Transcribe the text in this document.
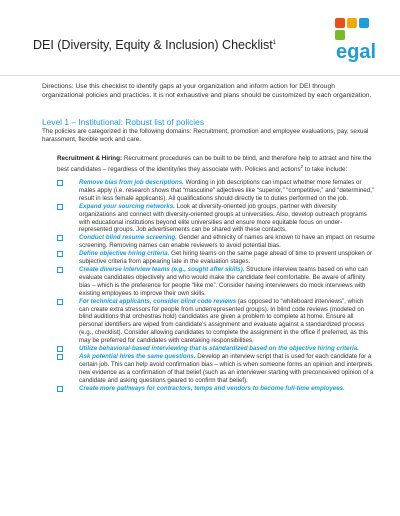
DEI (Diversity, Equity & Inclusion) Checklist$^1$	egal
Directions: Use this checklist to identify gaps at your organization and inform action for DEI through organizational policies and practices. It is not exhaustive and plans should be customized by each organization.
Level 1 – Institutional: Robust list of policies
The policies are categorized in the following domains: Recruitment, promotion and employee evaluations, pay, sexual harassment, flexible work and care.
Recruitment & Hiring: Recruitment procedures can be built to be blind, and therefore help to attract and hire the best candidates – regardless of the identity/ies they associate with. Policies and actions$^2$ to take include:
Remove bias from job descriptions. Wording in job descriptions can impact whether more females or males apply (i.e. research shows that “masculine” adjectives like “superior,” “competitive,” and “determined,” result in less female applicants). All qualifications should directly tie to duties performed on the job.
Expand your sourcing networks. Look at diversity-oriented job groups, partner with diversity organizations and connect with diversity-oriented groups at universities. Also, develop outreach programs with educational institutions beyond elite universities and ensure more equitable focus on under-represented groups. Job advertisements can be shared with these contacts.
Conduct blind resume screening. Gender and ethnicity of names are known to have an impact on resume screening. Removing names can enable reviewers to avoid potential bias.
Define objective hiring criteria. Get hiring teams on the same page ahead of time to prevent unspoken or subjective criteria from appearing late in the evaluation stages.
Create diverse interview teams (e.g., sought after skills). Structure interview teams based on who can evaluate candidates objectively and who would make the candidate feel comfortable. Be aware of affinity bias – which is the preference for people “like me”. Consider having interviewers do mock interviews with existing employees to improve their own skills.
For technical applicants, consider blind code reviews (as opposed to “whiteboard interviews”, which can create extra stressors for people from underrepresented groups). In blind code reviews (modeled on blind auditions that orchestras hold) candidates are given a problem to complete at home. Ensure all personal identifiers are wiped from candidate’s assignment and evaluate against a standardized process (e.g., checklist). Consider allowing candidates to complete the assignment in the office if preferred, as this may be preferred for candidates with caretaking responsibilities.
Utilize behavioral-based interviewing that is standardized based on the objective hiring criteria.
Ask potential hires the same questions. Develop an interview script that is used for each candidate for a certain job. This can help avoid confirmation bias – which is when someone forms an opinion and interprets new evidence as a confirmation of that belief (such as an interviewer starting with preconceived opinion of a candidate and asking questions geared to confirm that belief).
Create more pathways for contractors, temps and vendors to become full-time employees.
